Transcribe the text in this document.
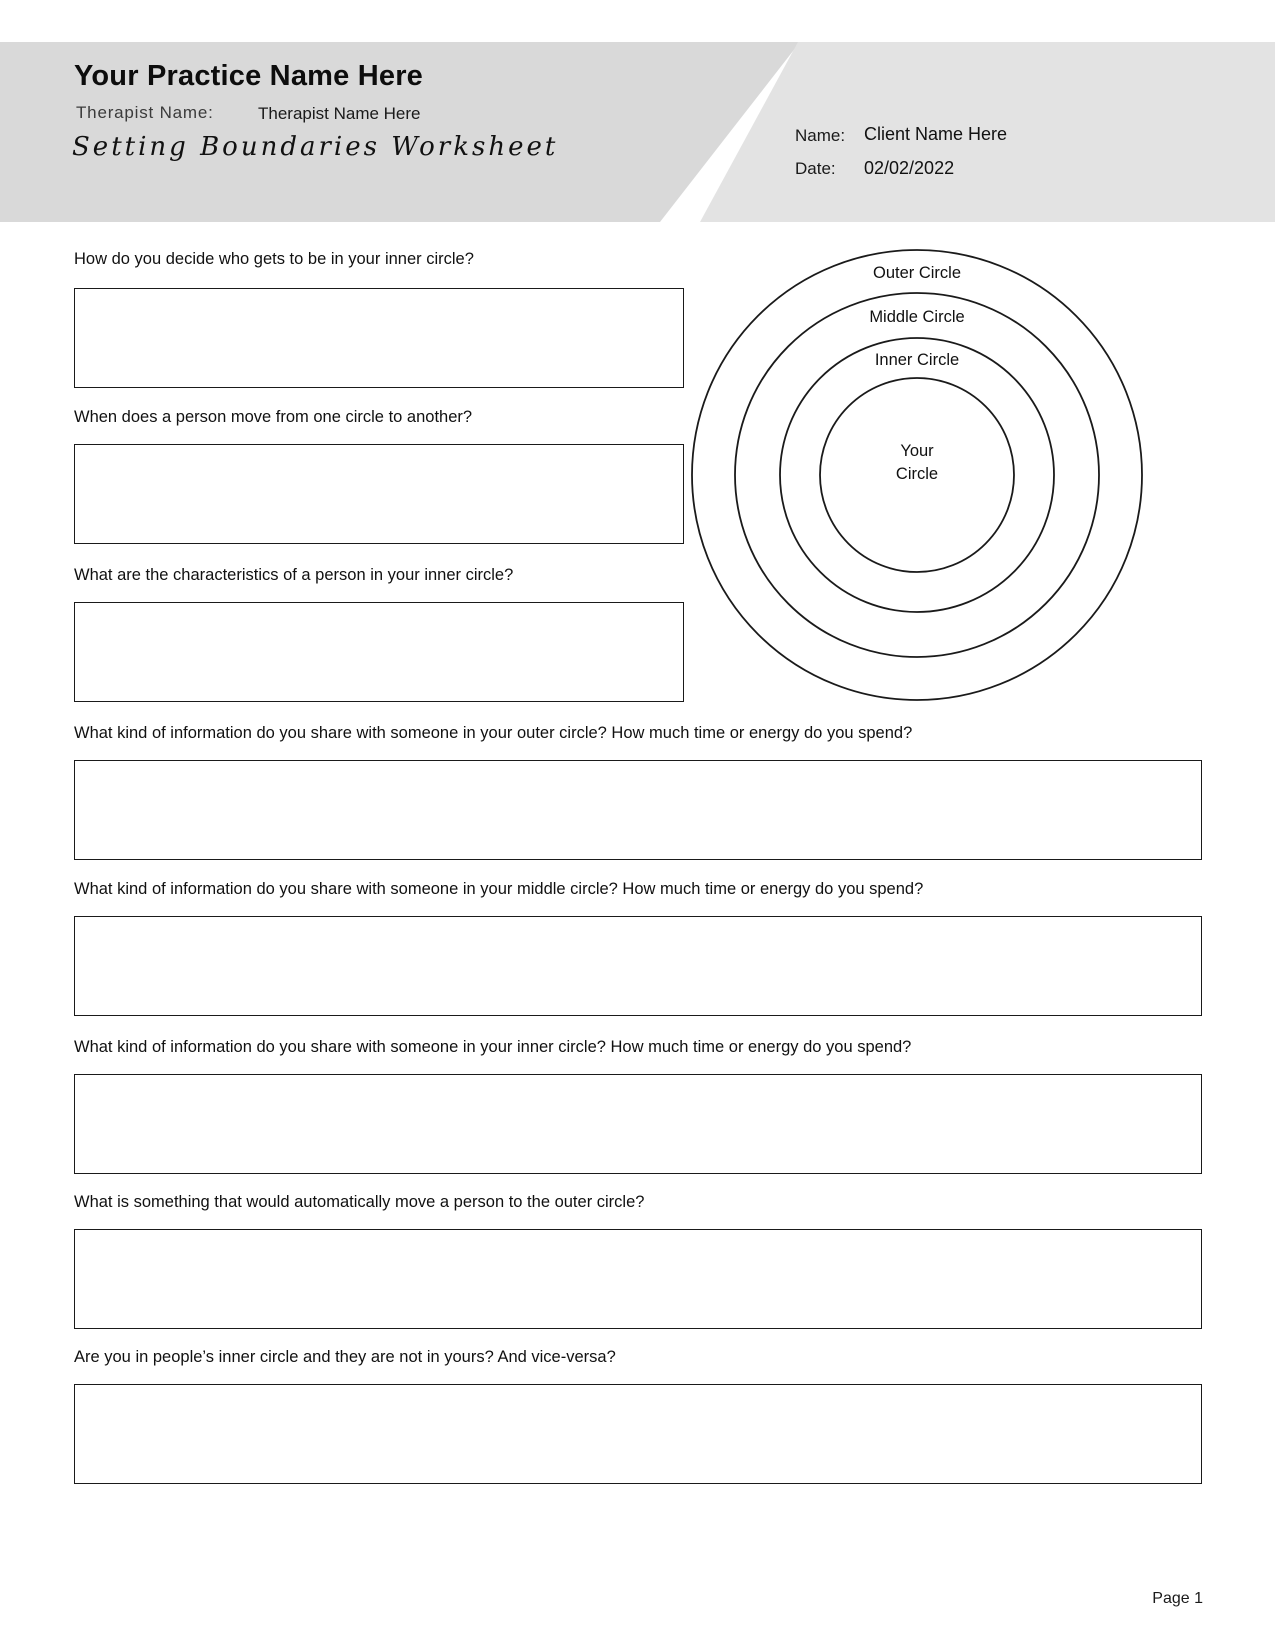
Your Practice Name Here
Therapist Name:	Therapist Name Here
Setting Boundaries Worksheet	Name: Client Name Here
Date: 02/02/2022
Outer Circle
Middle Circle
Inner Circle
Your
Circle
How do you decide who gets to be in your inner circle?
When does a person move from one circle to another?
What are the characteristics of a person in your inner circle?
What kind of information do you share with someone in your outer circle? How much time or energy do you spend?
What kind of information do you share with someone in your middle circle? How much time or energy do you spend?
What kind of information do you share with someone in your inner circle? How much time or energy do you spend?
What is something that would automatically move a person to the outer circle?
Are you in people’s inner circle and they are not in yours? And vice-versa?
Page 1
